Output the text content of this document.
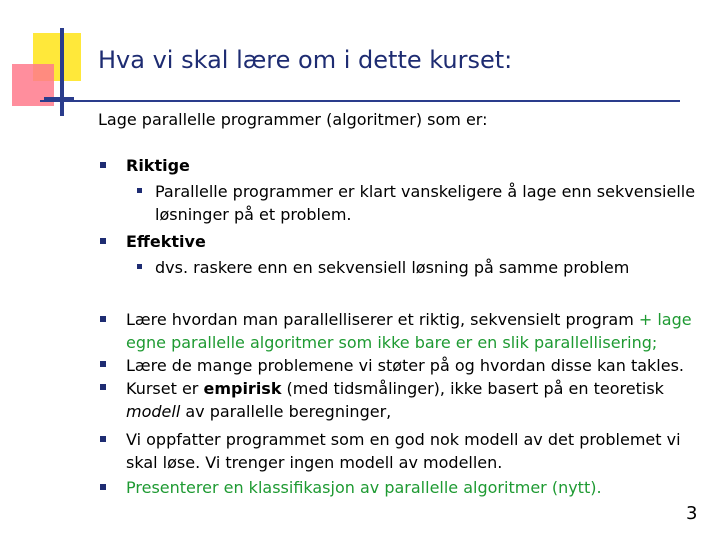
Hva vi skal lære om i dette kurset:
Lage parallelle programmer (algoritmer) som er:
Riktige
Parallelle programmer er klart vanskeligere å lage enn sekvensielle
løsninger på et problem.
Effektive
dvs. raskere enn en sekvensiell løsning på samme problem
Lære hvordan man parallelliserer et riktig, sekvensielt program + lage
egne parallelle algoritmer som ikke bare er en slik parallellisering;
Lære de mange problemene vi støter på og hvordan disse kan takles.
Kurset er empirisk (med tidsmålinger), ikke basert på en teoretisk
modell av parallelle beregninger,
Vi oppfatter programmet som en god nok modell av det problemet vi
skal løse. Vi trenger ingen modell av modellen.
Presenterer en klassifikasjon av parallelle algoritmer (nytt).
3
